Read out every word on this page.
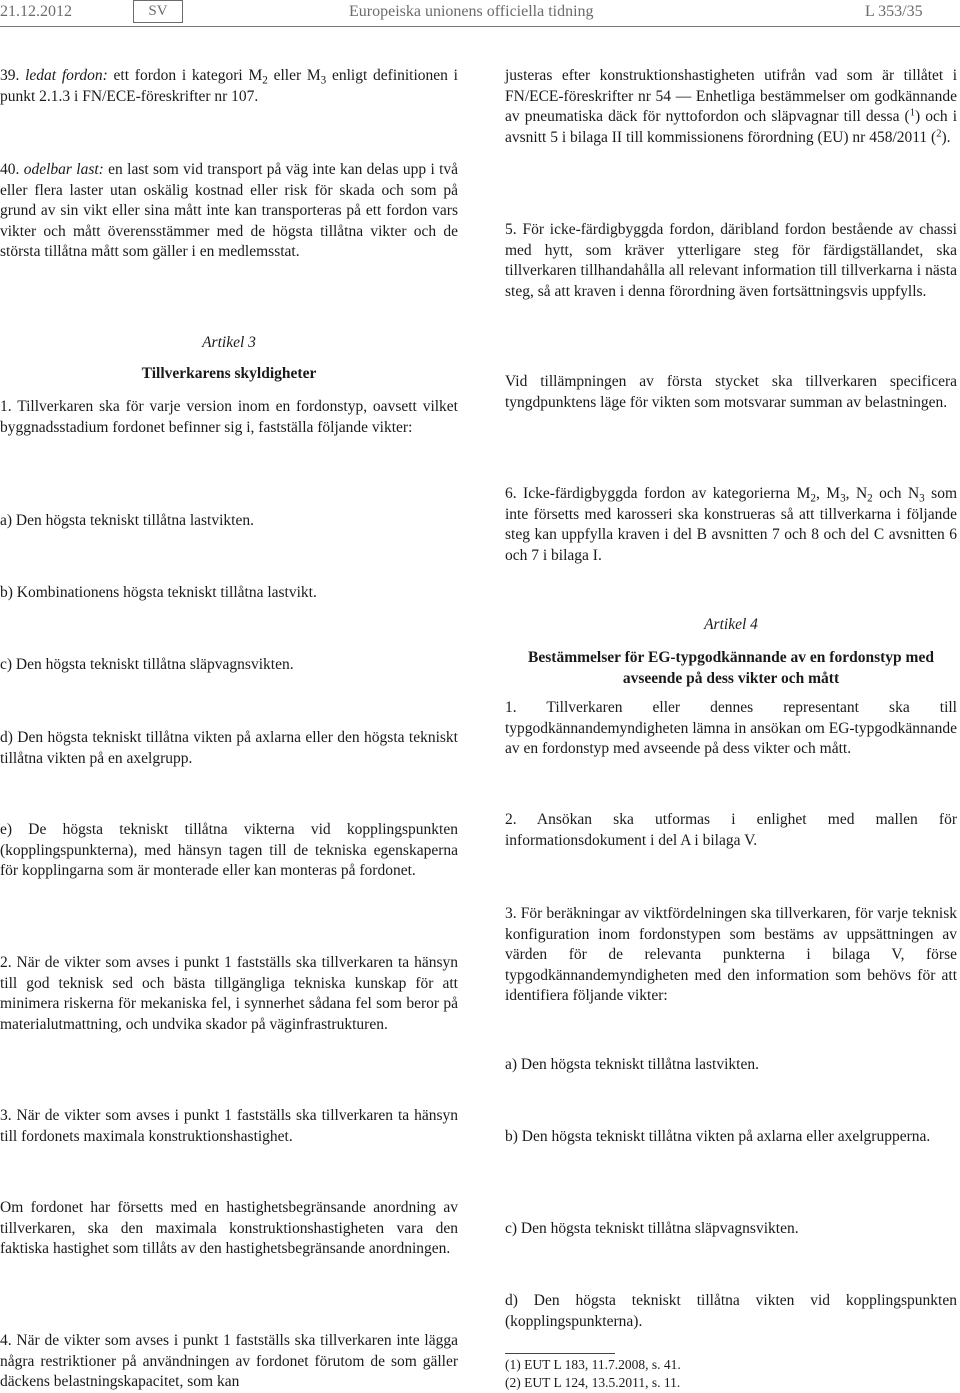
21.12.2012	SV	Europeiska unionens officiella tidning	L 353/35
39. ledat fordon: ett fordon i kategori $M_2$ eller $M_3$ enligt definitionen i punkt 2.1.3 i FN/ECE-föreskrifter nr 107.
40. odelbar last: en last som vid transport på väg inte kan delas upp i två eller flera laster utan oskälig kostnad eller risk för skada och som på grund av sin vikt eller sina mått inte kan transporteras på ett fordon vars vikter och mått överensstämmer med de högsta tillåtna vikter och de största tillåtna mått som gäller i en medlemsstat.
Artikel 3
Tillverkarens skyldigheter
1. Tillverkaren ska för varje version inom en fordonstyp, oavsett vilket byggnadsstadium fordonet befinner sig i, fastställa följande vikter:
a) Den högsta tekniskt tillåtna lastvikten.
b) Kombinationens högsta tekniskt tillåtna lastvikt.
c) Den högsta tekniskt tillåtna släpvagnsvikten.
d) Den högsta tekniskt tillåtna vikten på axlarna eller den högsta tekniskt tillåtna vikten på en axelgrupp.
e) De högsta tekniskt tillåtna vikterna vid kopplingspunkten (kopplingspunkterna), med hänsyn tagen till de tekniska egenskaperna för kopplingarna som är monterade eller kan monteras på fordonet.
2. När de vikter som avses i punkt 1 fastställs ska tillverkaren ta hänsyn till god teknisk sed och bästa tillgängliga tekniska kunskap för att minimera riskerna för mekaniska fel, i synnerhet sådana fel som beror på materialutmattning, och undvika skador på väginfrastrukturen.
3. När de vikter som avses i punkt 1 fastställs ska tillverkaren ta hänsyn till fordonets maximala konstruktionshastighet.
Om fordonet har försetts med en hastighetsbegränsande anordning av tillverkaren, ska den maximala konstruktionshastigheten vara den faktiska hastighet som tillåts av den hastighetsbegränsande anordningen.
4. När de vikter som avses i punkt 1 fastställs ska tillverkaren inte lägga några restriktioner på användningen av fordonet förutom de som gäller däckens belastningskapacitet, som kan
justeras efter konstruktionshastigheten utifrån vad som är tillåtet i FN/ECE-föreskrifter nr 54 — Enhetliga bestämmelser om godkännande av pneumatiska däck för nyttofordon och släpvagnar till dessa ($^1$) och i avsnitt 5 i bilaga II till kommissionens förordning (EU) nr 458/2011 ($^2$).
5. För icke-färdigbyggda fordon, däribland fordon bestående av chassi med hytt, som kräver ytterligare steg för färdigställandet, ska tillverkaren tillhandahålla all relevant information till tillverkarna i nästa steg, så att kraven i denna förordning även fortsättningsvis uppfylls.
Vid tillämpningen av första stycket ska tillverkaren specificera tyngdpunktens läge för vikten som motsvarar summan av belastningen.
6. Icke-färdigbyggda fordon av kategorierna $M_2$, $M_3$, $N_2$ och $N_3$ som inte försetts med karosseri ska konstrueras så att tillverkarna i följande steg kan uppfylla kraven i del B avsnitten 7 och 8 och del C avsnitten 6 och 7 i bilaga I.
Artikel 4
Bestämmelser för EG-typgodkännande av en fordonstyp med avseende på dess vikter och mått
1. Tillverkaren eller dennes representant ska till typgodkännandemyndigheten lämna in ansökan om EG-typgodkännande av en fordonstyp med avseende på dess vikter och mått.
2. Ansökan ska utformas i enlighet med mallen för informationsdokument i del A i bilaga V.
3. För beräkningar av viktfördelningen ska tillverkaren, för varje teknisk konfiguration inom fordonstypen som bestäms av uppsättningen av värden för de relevanta punkterna i bilaga V, förse typgodkännandemyndigheten med den information som behövs för att identifiera följande vikter:
a) Den högsta tekniskt tillåtna lastvikten.
b) Den högsta tekniskt tillåtna vikten på axlarna eller axelgrupperna.
c) Den högsta tekniskt tillåtna släpvagnsvikten.
d) Den högsta tekniskt tillåtna vikten vid kopplingspunkten (kopplingspunkterna).
(1) EUT L 183, 11.7.2008, s. 41.
(2) EUT L 124, 13.5.2011, s. 11.
